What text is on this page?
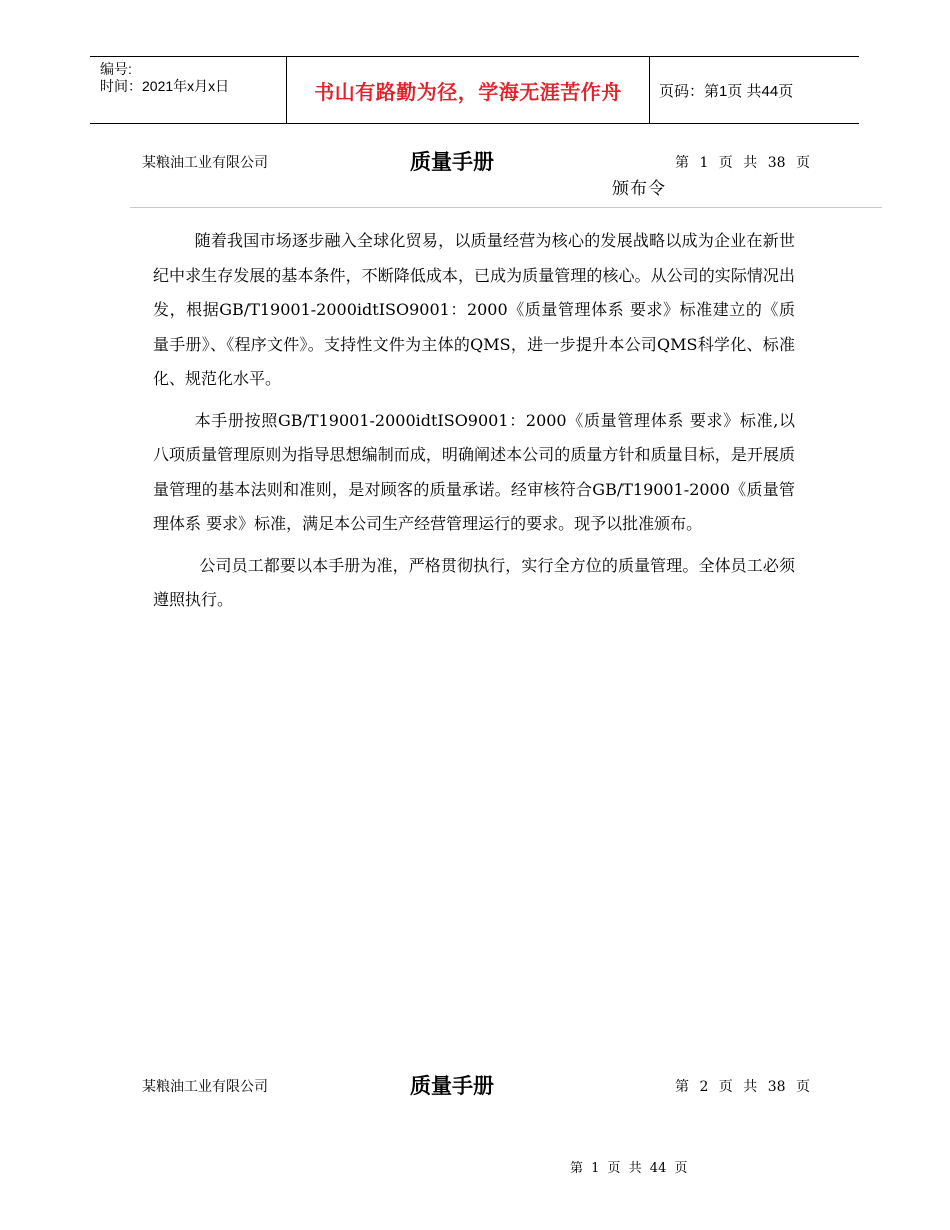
编号:
时间：2021年x月x日	书山有路勤为径，学海无涯苦作舟 页码：第1页 共44页
某粮油工业有限公司	质量手册	第 1 页 共 38 页
颁布令

随着我国市场逐步融入全球化贸易，以质量经营为核心的发展战略以成为企业在新世纪中求生存发展的基本条件，不断降低成本，已成为质量管理的核心。从公司的实际情况出发，根据GB/T19001-2000idtISO9001：2000《质量管理体系 要求》标准建立的《质量手册》、《程序文件》。支持性文件为主体的QMS，进一步提升本公司QMS科学化、标准化、规范化水平。

本手册按照GB/T19001-2000idtISO9001：2000《质量管理体系 要求》标准,以八项质量管理原则为指导思想编制而成，明确阐述本公司的质量方针和质量目标，是开展质量管理的基本法则和准则，是对顾客的质量承诺。经审核符合GB/T19001-2000《质量管理体系 要求》标准，满足本公司生产经营管理运行的要求。现予以批准颁布。

公司员工都要以本手册为准，严格贯彻执行，实行全方位的质量管理。全体员工必须遵照执行。

某粮油工业有限公司	质量手册	第 2 页 共 38 页
第 1 页 共 44 页
